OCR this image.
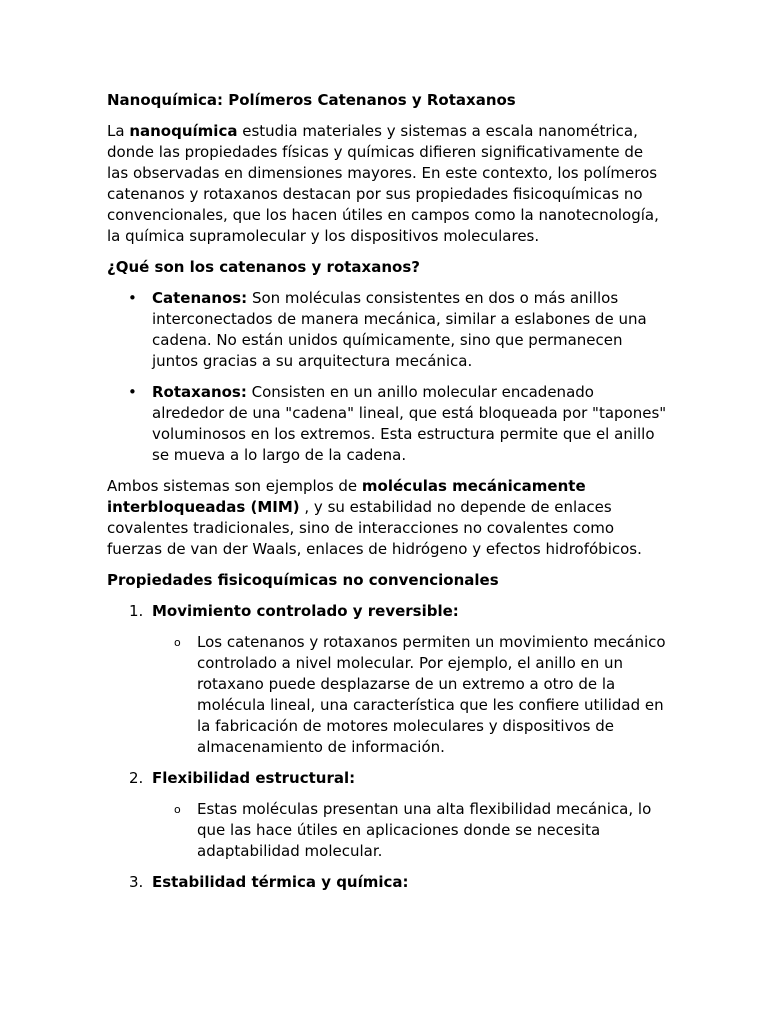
Nanoquímica: Polímeros Catenanos y Rotaxanos

La nanoquímica estudia materiales y sistemas a escala nanométrica, donde las propiedades físicas y químicas difieren significativamente de las observadas en dimensiones mayores. En este contexto, los polímeros catenanos y rotaxanos destacan por sus propiedades fisicoquímicas no convencionales, que los hacen útiles en campos como la nanotecnología, la química supramolecular y los dispositivos moleculares.

¿Qué son los catenanos y rotaxanos?
• Catenanos: Son moléculas consistentes en dos o más anillos interconectados de manera mecánica, similar a eslabones de una cadena. No están unidos químicamente, sino que permanecen juntos gracias a su arquitectura mecánica.
• Rotaxanos: Consisten en un anillo molecular encadenado alrededor de una "cadena" lineal, que está bloqueada por "tapones" voluminosos en los extremos. Esta estructura permite que el anillo se mueva a lo largo de la cadena.

Ambos sistemas son ejemplos de moléculas mecánicamente interbloqueadas (MIM) , y su estabilidad no depende de enlaces covalentes tradicionales, sino de interacciones no covalentes como fuerzas de van der Waals, enlaces de hidrógeno y efectos hidrofóbicos.

Propiedades fisicoquímicas no convencionales
1. Movimiento controlado y reversible:
o Los catenanos y rotaxanos permiten un movimiento mecánico controlado a nivel molecular. Por ejemplo, el anillo en un rotaxano puede desplazarse de un extremo a otro de la molécula lineal, una característica que les confiere utilidad en la fabricación de motores moleculares y dispositivos de almacenamiento de información.
2. Flexibilidad estructural:
o Estas moléculas presentan una alta flexibilidad mecánica, lo que las hace útiles en aplicaciones donde se necesita adaptabilidad molecular.
3. Estabilidad térmica y química:
